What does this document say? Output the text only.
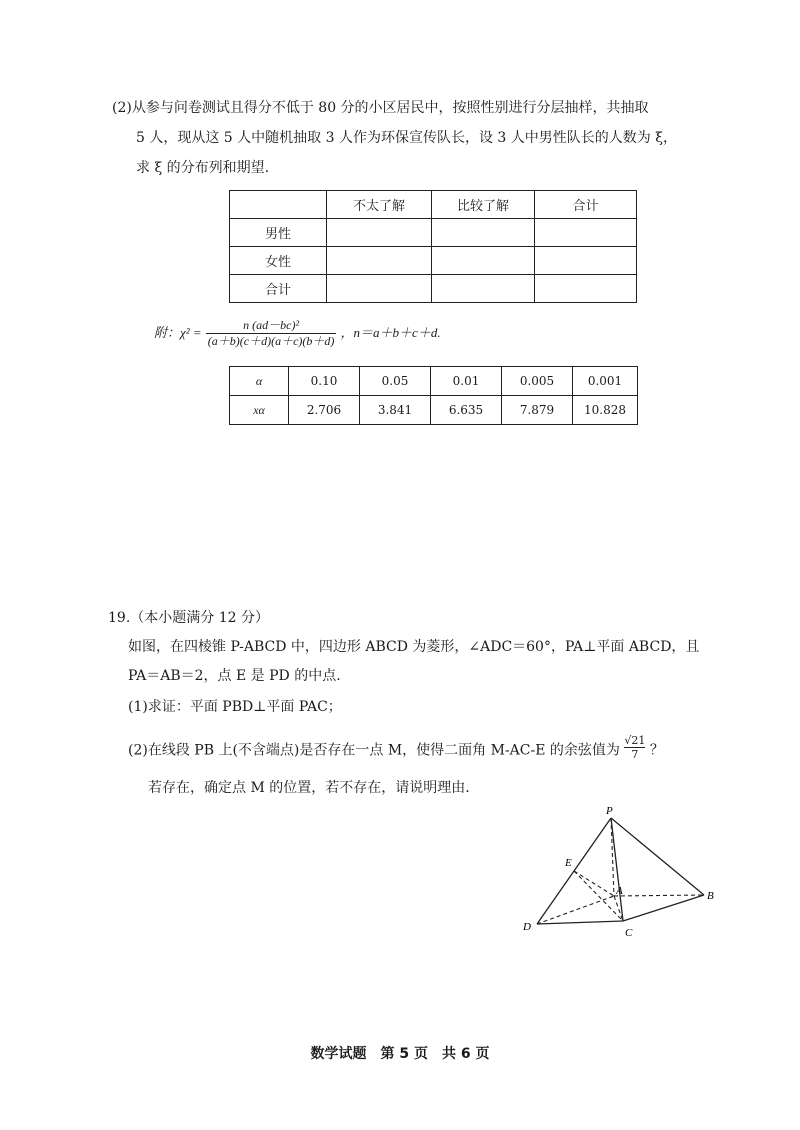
(2)从参与问卷测试且得分不低于 80 分的小区居民中，按照性别进行分层抽样，共抽取
5 人，现从这 5 人中随机抽取 3 人作为环保宣传队长，设 3 人中男性队长的人数为 ξ，
求 ξ 的分布列和期望.
	不太了解	比较了解	合计
男性			
女性			
合计			
附：$\chi^2 = \frac{\text{n (ad－bc)²}}{(a+b)(c+d)(a+c)(b+d)}$ ，n＝a＋b＋c＋d.
α	0.10	0.05	0.01	0.005	0.001
xα	2.706	3.841	6.635	7.879	10.828
19.（本小题满分 12 分）
如图，在四棱锥 P-ABCD 中，四边形 ABCD 为菱形，∠ADC＝60°，PA⊥平面 ABCD，且
PA＝AB＝2，点 E 是 PD 的中点.
(1)求证：平面 PBD⊥平面 PAC；
(2)在线段 PB 上(不含端点)是否存在一点 M，使得二面角 M-AC-E 的余弦值为 $\frac{√21}{7}$ ？
若存在，确定点 M 的位置，若不存在，请说明理由.
P
E
A	B
C
D
数学试题　第 5 页　共 6 页
